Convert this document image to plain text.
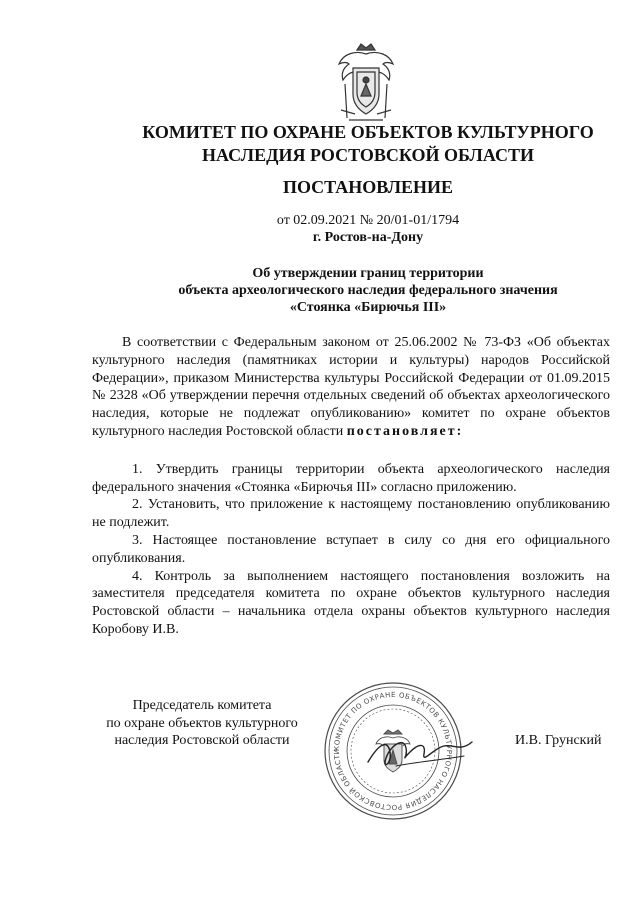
КОМИТЕТ ПО ОХРАНЕ ОБЪЕКТОВ КУЛЬТУРНОГО
НАСЛЕДИЯ РОСТОВСКОЙ ОБЛАСТИ
ПОСТАНОВЛЕНИЕ
от 02.09.2021 № 20/01-01/1794
г. Ростов-на-Дону
Об утверждении границ территории
объекта археологического наследия федерального значения
«Стоянка «Бирючья III»

В соответствии с Федеральным законом от 25.06.2002 № 73-ФЗ «Об объектах культурного наследия (памятниках истории и культуры) народов Российской Федерации», приказом Министерства культуры Российской Федерации от 01.09.2015 № 2328 «Об утверждении перечня отдельных сведений об объектах археологического наследия, которые не подлежат опубликованию» комитет по охране объектов культурного наследия Ростовской области постановляет:

1. Утвердить границы территории объекта археологического наследия федерального значения «Стоянка «Бирючья III» согласно приложению.

2. Установить, что приложение к настоящему постановлению опубликованию не подлежит.

3. Настоящее постановление вступает в силу со дня его официального опубликования.

4. Контроль за выполнением настоящего постановления возложить на заместителя председателя комитета по охране объектов культурного наследия Ростовской области – начальника отдела охраны объектов культурного наследия Коробову И.В.

Председатель комитета
по охране объектов культурного
наследия Ростовской области
КОМИТЕТ ПО ОХРАНЕ ОБЪЕКТОВ КУЛЬТУРНОГО НАСЛЕДИЯ РОСТОВСКОЙ ОБЛАСТИ
И.В. Грунский
